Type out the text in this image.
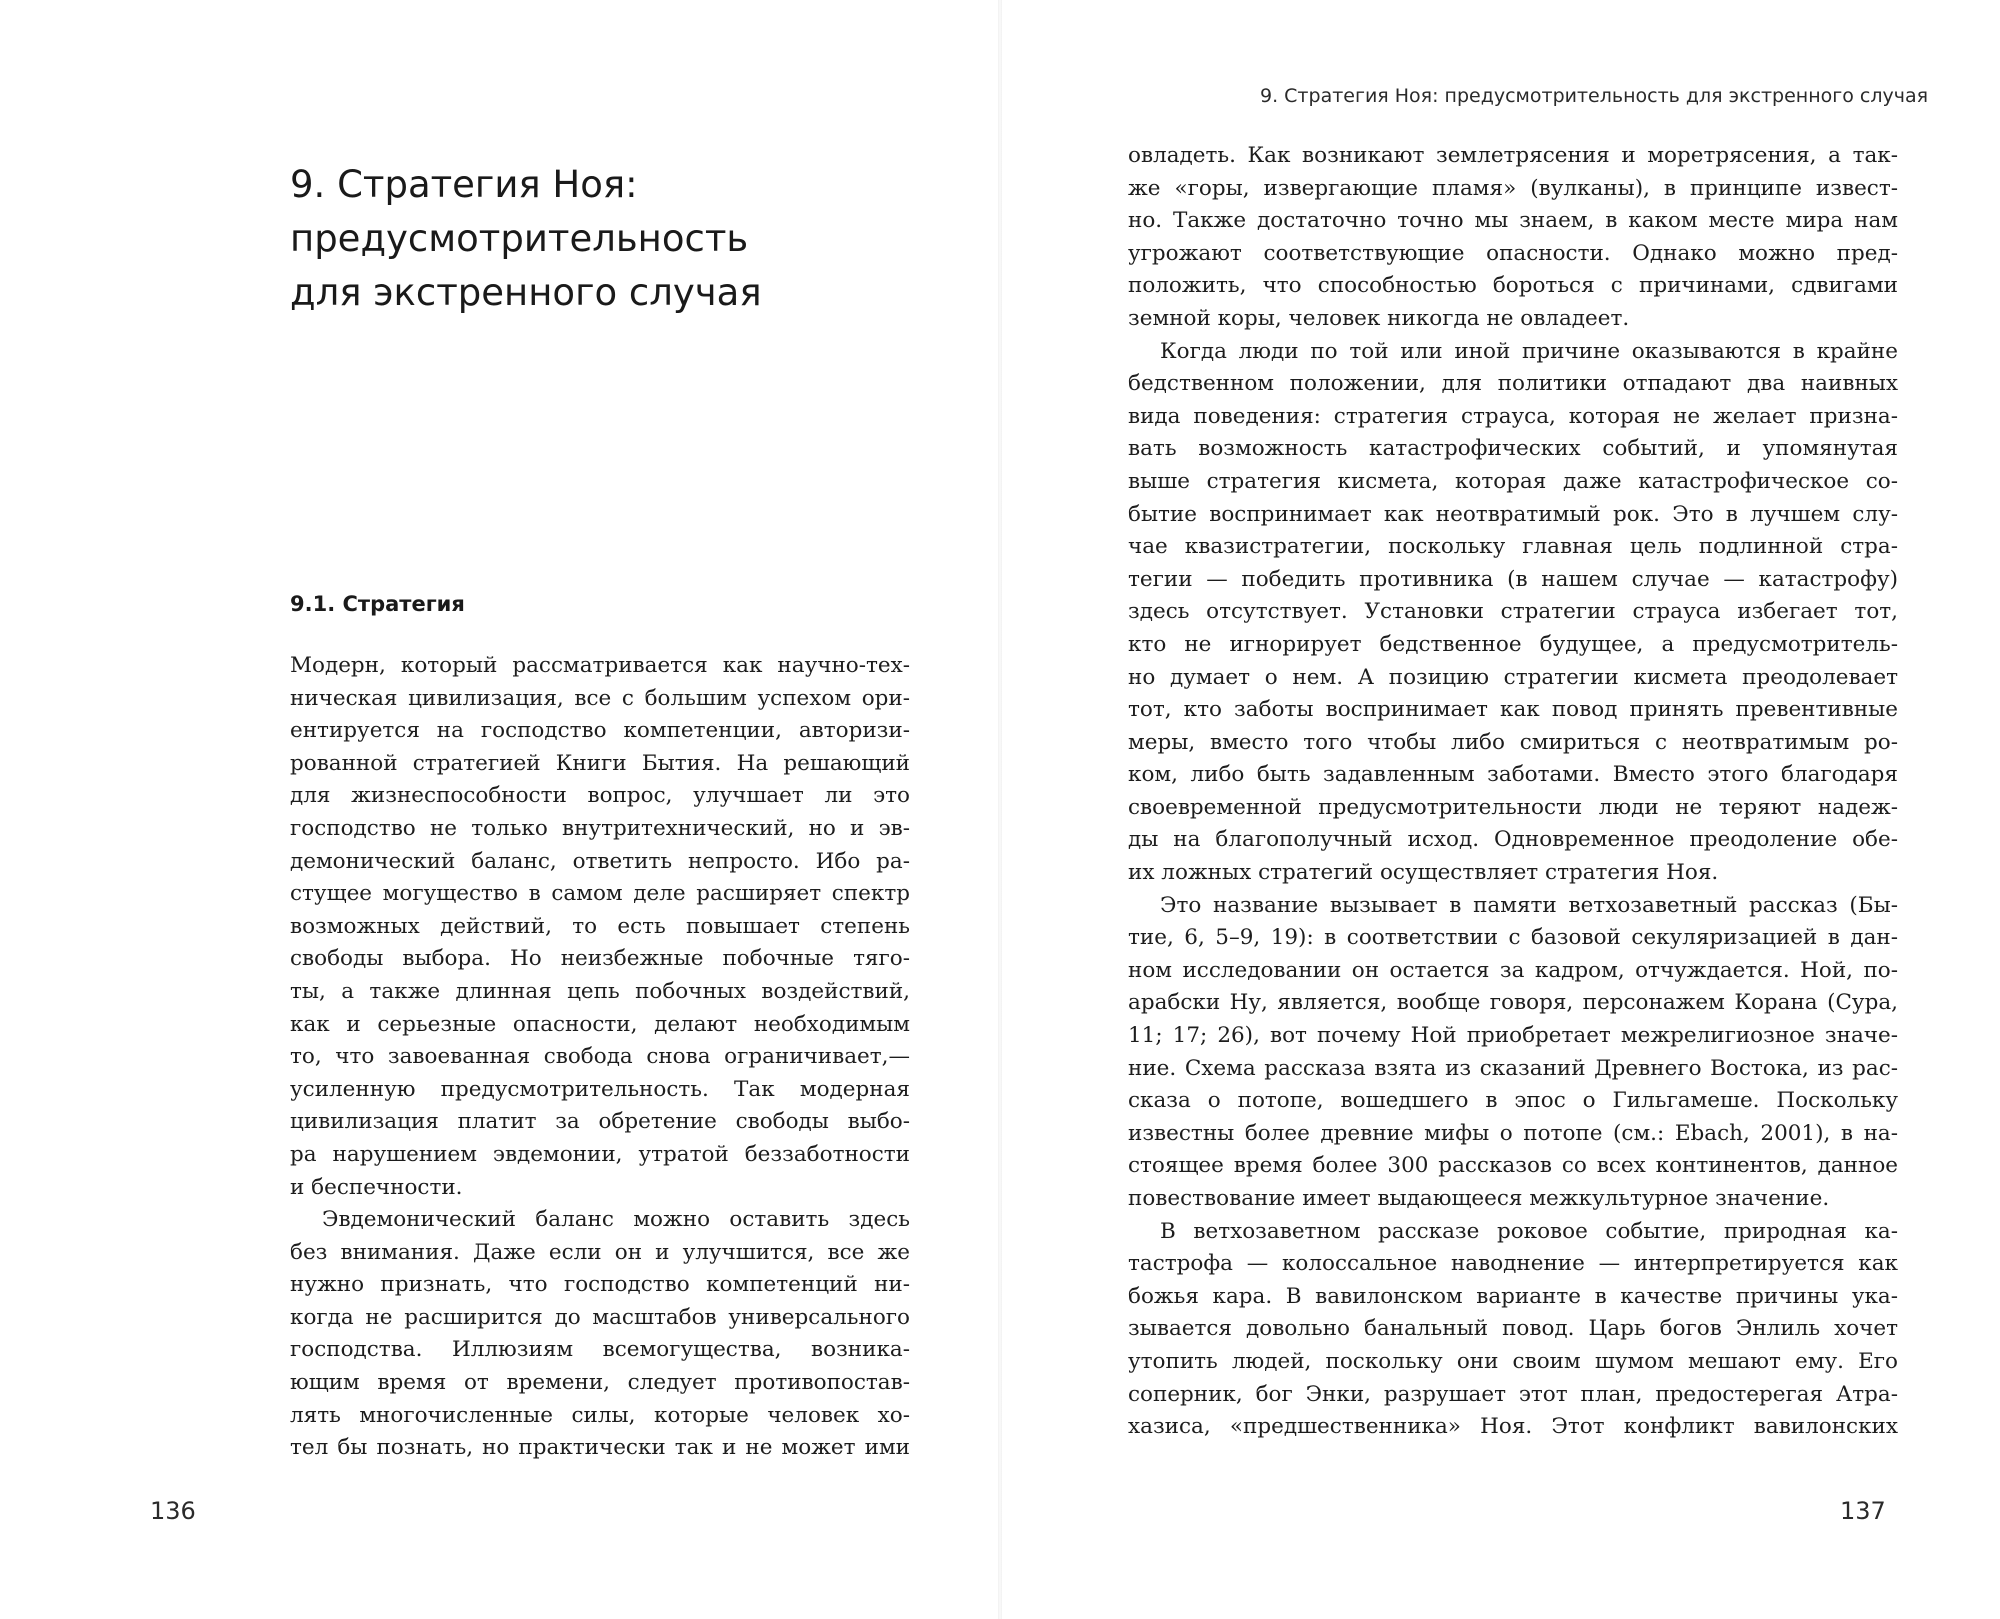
9. Стратегия Ноя:
предусмотрительность
для экстренного случая
9.1. Стратегия
Модерн, который рассматривается как научно-тех-
ническая цивилизация, все с большим успехом ори-
ентируется на господство компетенции, авторизи-
рованной стратегией Книги Бытия. На решающий
для жизнеспособности вопрос, улучшает ли это
господство не только внутритехнический, но и эв-
демонический баланс, ответить непросто. Ибо ра-
стущее могущество в самом деле расширяет спектр
возможных действий, то есть повышает степень
свободы выбора. Но неизбежные побочные тяго-
ты, а также длинная цепь побочных воздействий,
как и серьезные опасности, делают необходимым
то, что завоеванная свобода снова ограничивает,—
усиленную предусмотрительность. Так модерная
цивилизация платит за обретение свободы выбо-
ра нарушением эвдемонии, утратой беззаботности
и беспечности.
Эвдемонический баланс можно оставить здесь
без внимания. Даже если он и улучшится, все же
нужно признать, что господство компетенций ни-
когда не расширится до масштабов универсального
господства. Иллюзиям всемогущества, возника-
ющим время от времени, следует противопостав-
лять многочисленные силы, которые человек хо-
тел бы познать, но практически так и не может ими

136

9. Стратегия Ноя: предусмотрительность для экстренного случая

овладеть. Как возникают землетрясения и моретрясения, а так-
же «горы, извергающие пламя» (вулканы), в принципе извест-
но. Также достаточно точно мы знаем, в каком месте мира нам
угрожают соответствующие опасности. Однако можно пред-
положить, что способностью бороться с причинами, сдвигами
земной коры, человек никогда не овладеет.
Когда люди по той или иной причине оказываются в крайне
бедственном положении, для политики отпадают два наивных
вида поведения: стратегия страуса, которая не желает призна-
вать возможность катастрофических событий, и упомянутая
выше стратегия кисмета, которая даже катастрофическое со-
бытие воспринимает как неотвратимый рок. Это в лучшем слу-
чае квазистратегии, поскольку главная цель подлинной стра-
тегии — победить противника (в нашем случае — катастрофу)
здесь отсутствует. Установки стратегии страуса избегает тот,
кто не игнорирует бедственное будущее, а предусмотритель-
но думает о нем. А позицию стратегии кисмета преодолевает
тот, кто заботы воспринимает как повод принять превентивные
меры, вместо того чтобы либо смириться с неотвратимым ро-
ком, либо быть задавленным заботами. Вместо этого благодаря
своевременной предусмотрительности люди не теряют надеж-
ды на благополучный исход. Одновременное преодоление обе-
их ложных стратегий осуществляет стратегия Ноя.
Это название вызывает в памяти ветхозаветный рассказ (Бы-
тие, 6, 5–9, 19): в соответствии с базовой секуляризацией в дан-
ном исследовании он остается за кадром, отчуждается. Ной, по-
арабски Ну, является, вообще говоря, персонажем Корана (Сура,
11; 17; 26), вот почему Ной приобретает межрелигиозное значе-
ние. Схема рассказа взята из сказаний Древнего Востока, из рас-
сказа о потопе, вошедшего в эпос о Гильгамеше. Поскольку
известны более древние мифы о потопе (см.: Ebach, 2001), в на-
стоящее время более 300 рассказов со всех континентов, данное
повествование имеет выдающееся межкультурное значение.
В ветхозаветном рассказе роковое событие, природная ка-
тастрофа — колоссальное наводнение — интерпретируется как
божья кара. В вавилонском варианте в качестве причины ука-
зывается довольно банальный повод. Царь богов Энлиль хочет
утопить людей, поскольку они своим шумом мешают ему. Его
соперник, бог Энки, разрушает этот план, предостерегая Атра-
хазиса, «предшественника» Ноя. Этот конфликт вавилонских

137
